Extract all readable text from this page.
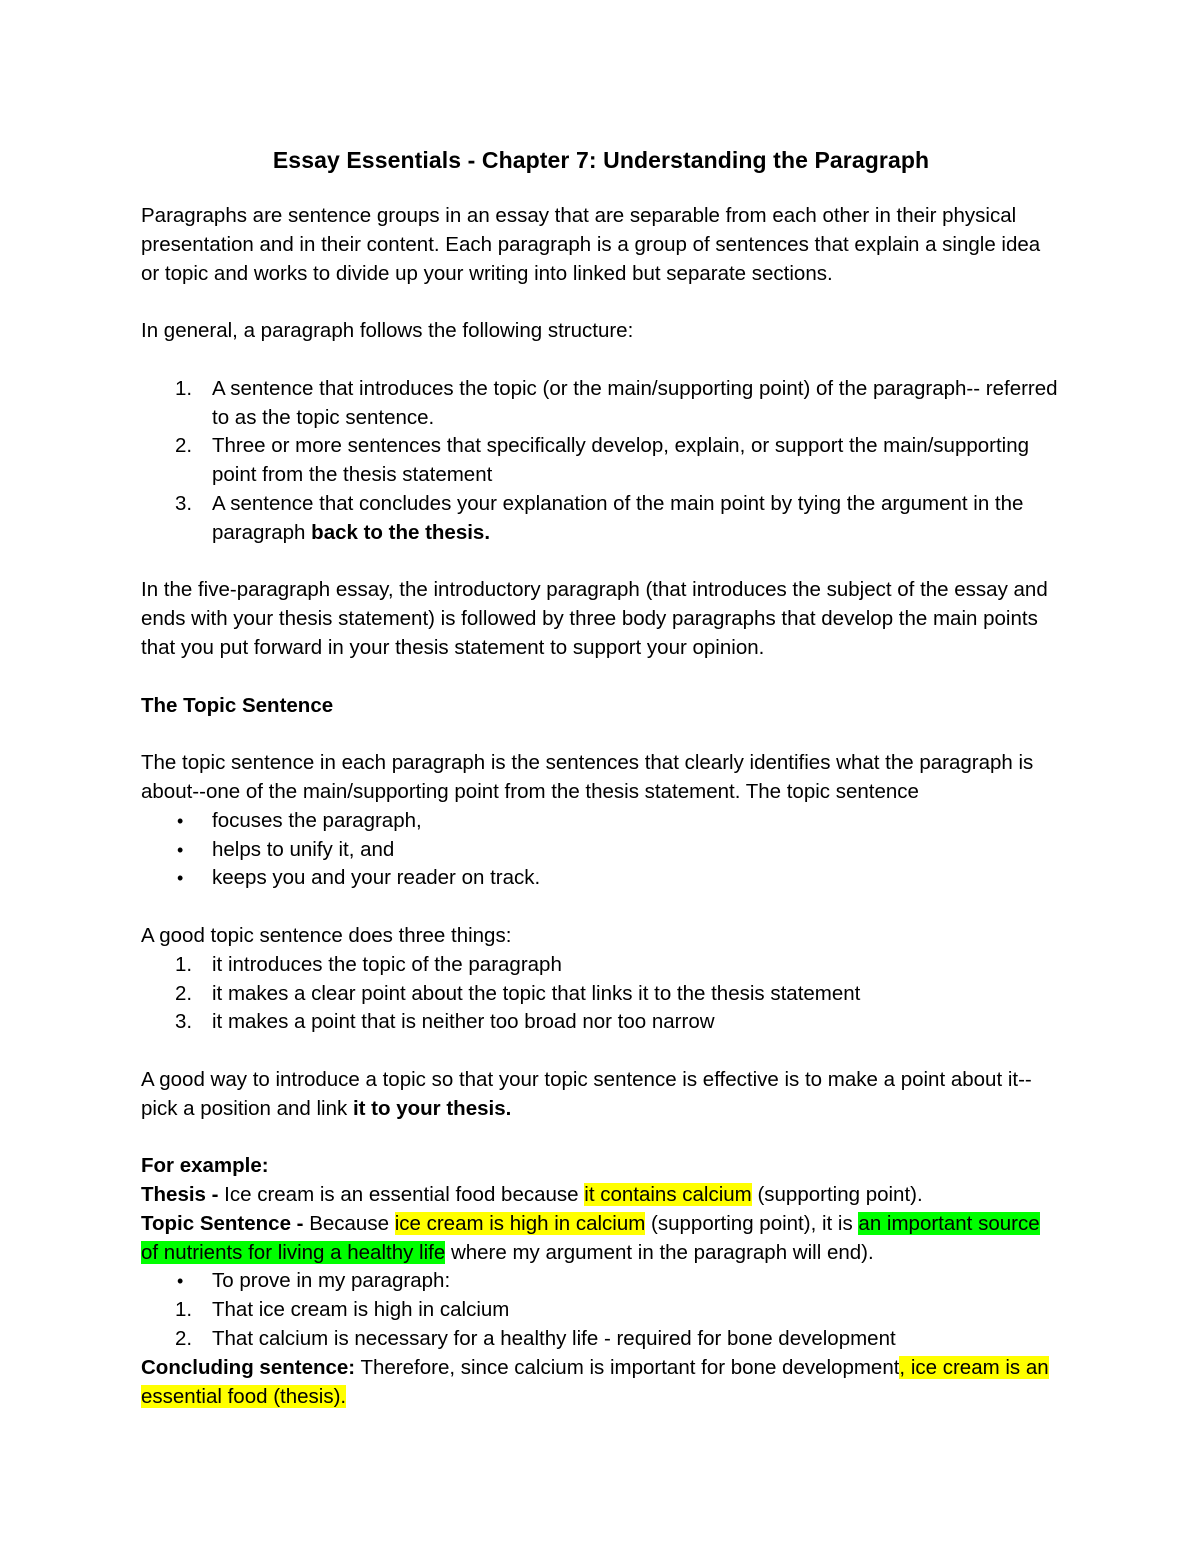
Essay Essentials - Chapter 7: Understanding the Paragraph

Paragraphs are sentence groups in an essay that are separable from each other in their physical presentation and in their content. Each paragraph is a group of sentences that explain a single idea or topic and works to divide up your writing into linked but separate sections.

In general, a paragraph follows the following structure:

1. A sentence that introduces the topic (or the main/supporting point) of the paragraph-- referred to as the topic sentence.
2. Three or more sentences that specifically develop, explain, or support the main/supporting point from the thesis statement
3. A sentence that concludes your explanation of the main point by tying the argument in the paragraph back to the thesis.

In the five-paragraph essay, the introductory paragraph (that introduces the subject of the essay and ends with your thesis statement) is followed by three body paragraphs that develop the main points that you put forward in your thesis statement to support your opinion.

The Topic Sentence

The topic sentence in each paragraph is the sentences that clearly identifies what the paragraph is about--one of the main/supporting point from the thesis statement. The topic sentence

•	focuses the paragraph,
•	helps to unify it, and
•	keeps you and your reader on track.

A good topic sentence does three things:

1. it introduces the topic of the paragraph
2. it makes a clear point about the topic that links it to the thesis statement
3. it makes a point that is neither too broad nor too narrow

A good way to introduce a topic so that your topic sentence is effective is to make a point about it--pick a position and link it to your thesis.

For example:

Thesis - Ice cream is an essential food because it contains calcium (supporting point).

Topic Sentence - Because ice cream is high in calcium (supporting point), it is an important source of nutrients for living a healthy life where my argument in the paragraph will end).

•	To prove in my paragraph:
1. That ice cream is high in calcium
2. That calcium is necessary for a healthy life - required for bone development

Concluding sentence: Therefore, since calcium is important for bone development, ice cream is an essential food (thesis).
